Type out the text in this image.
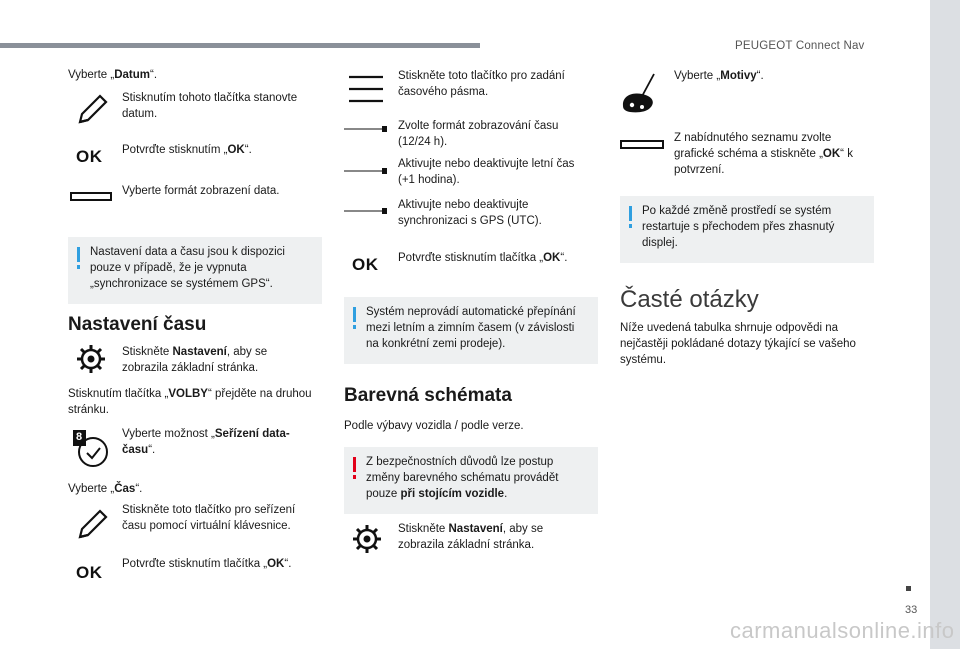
PEUGEOT Connect Nav
33
carmanualsonline.info
Vyberte „Datum“.
Stisknutím tohoto tlačítka stanovte datum.
OK Potvrďte stisknutím „OK“.
Vyberte formát zobrazení data.
Nastavení data a času jsou k dispozici pouze v případě, že je vypnuta „synchronizace se systémem GPS“.
Nastavení času
Stiskněte Nastavení, aby se zobrazila základní stránka.
Stisknutím tlačítka „VOLBY“ přejděte na druhou stránku.
8	Vyberte možnost „Seřízení data-času“.
Vyberte „Čas“.
Stiskněte toto tlačítko pro seřízení času pomocí virtuální klávesnice.
OK Potvrďte stisknutím tlačítka „OK“.
Stiskněte toto tlačítko pro zadání časového pásma.
Zvolte formát zobrazování času (12/24 h).
Aktivujte nebo deaktivujte letní čas (+1 hodina).
Aktivujte nebo deaktivujte synchronizaci s GPS (UTC).
OK Potvrďte stisknutím tlačítka „OK“.
Systém neprovádí automatické přepínání mezi letním a zimním časem (v závislosti na konkrétní zemi prodeje).
Barevná schémata
Podle výbavy vozidla / podle verze.
Z bezpečnostních důvodů lze postup změny barevného schématu provádět pouze při stojícím vozidle.
Stiskněte Nastavení, aby se zobrazila základní stránka.
Vyberte „Motivy“.
Z nabídnutého seznamu zvolte grafické schéma a stiskněte „OK“ k potvrzení.
Po každé změně prostředí se systém restartuje s přechodem přes zhasnutý displej.
Časté otázky
Níže uvedená tabulka shrnuje odpovědi na nejčastěji pokládané dotazy týkající se vašeho systému.
